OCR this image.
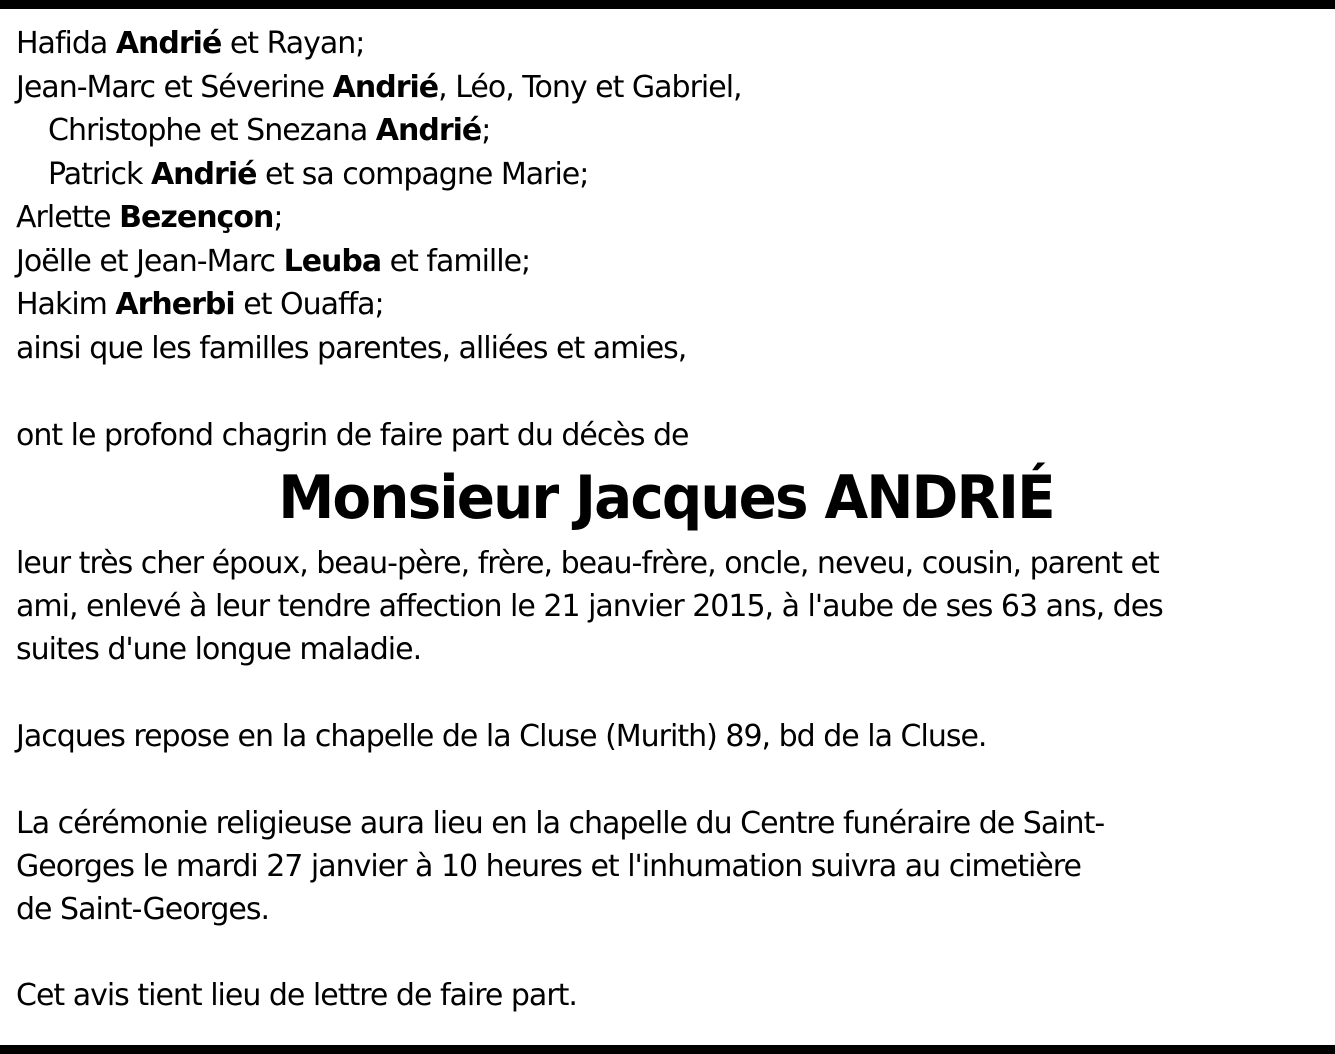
Hafida Andrié et Rayan;
Jean-Marc et Séverine Andrié, Léo, Tony et Gabriel,
Christophe et Snezana Andrié;
Patrick Andrié et sa compagne Marie;
Arlette Bezençon;
Joëlle et Jean-Marc Leuba et famille;
Hakim Arherbi et Ouaffa;
ainsi que les familles parentes, alliées et amies,
ont le profond chagrin de faire part du décès de
Monsieur Jacques ANDRIÉ
leur très cher époux, beau-père, frère, beau-frère, oncle, neveu, cousin, parent et
ami, enlevé à leur tendre affection le 21 janvier 2015, à l'aube de ses 63 ans, des
suites d'une longue maladie.
Jacques repose en la chapelle de la Cluse (Murith) 89, bd de la Cluse.
La cérémonie religieuse aura lieu en la chapelle du Centre funéraire de Saint-
Georges le mardi 27 janvier à 10 heures et l'inhumation suivra au cimetière
de Saint-Georges.
Cet avis tient lieu de lettre de faire part.
